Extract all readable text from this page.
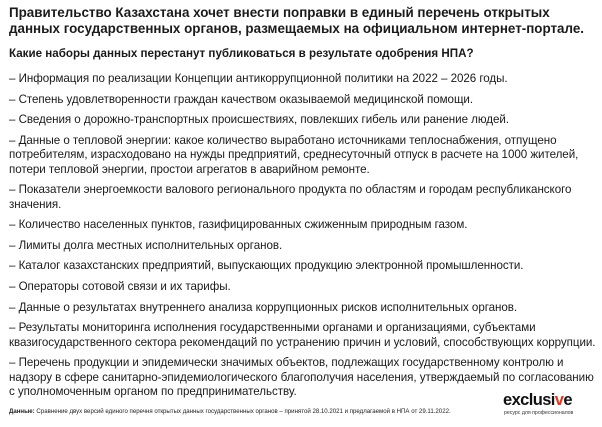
Правительство Казахстана хочет внести поправки в единый перечень открытых данных государственных органов, размещаемых на официальном интернет-портале.
Какие наборы данных перестанут публиковаться в результате одобрения НПА?
– Информация по реализации Концепции антикоррупционной политики на 2022 – 2026 годы.
– Степень удовлетворенности граждан качеством оказываемой медицинской помощи.
– Сведения о дорожно-транспортных происшествиях, повлекших гибель или ранение людей.
– Данные о тепловой энергии: какое количество выработано источниками теплоснабжения, отпущено потребителям, израсходовано на нужды предприятий, среднесуточный отпуск в расчете на 1000 жителей, потери тепловой энергии, простои агрегатов в аварийном ремонте.
– Показатели энергоемкости валового регионального продукта по областям и городам республиканского значения.
– Количество населенных пунктов, газифицированных сжиженным природным газом.
– Лимиты долга местных исполнительных органов.
– Каталог казахстанских предприятий, выпускающих продукцию электронной промышленности.
– Операторы сотовой связи и их тарифы.
– Данные о результатах внутреннего анализа коррупционных рисков исполнительных органов.
– Результаты мониторинга исполнения государственными органами и организациями, субъектами квазигосударственного сектора рекомендаций по устранению причин и условий, способствующих коррупции.
– Перечень продукции и эпидемически значимых объектов, подлежащих государственному контролю и надзору в сфере санитарно-эпидемиологического благополучия населения, утверждаемый по согласованию с уполномоченным органом по предпринимательству.
Данные: Сравнение двух версий единого перечня открытых данных государственных органов – принятой 28.10.2021 и предлагаемой в НПА от 29.11.2022.
exclusive
ресурс для профессионалов
